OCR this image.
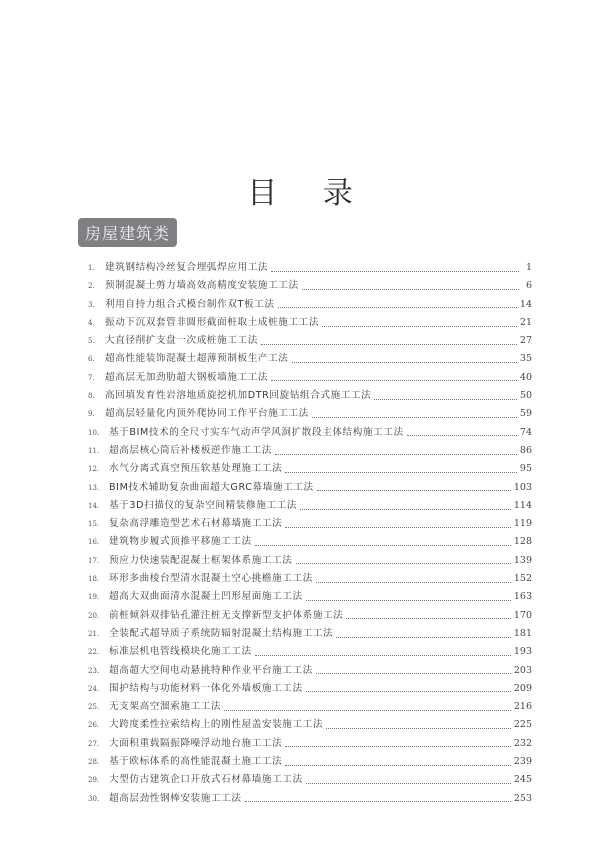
目 录
房屋建筑类
1.	建筑钢结构冷丝复合埋弧焊应用工法	1
2.	预制混凝土剪力墙高效高精度安装施工工法	6
3.	利用自持力组合式模台制作双T板工法	14
4.	振动下沉双套管非圆形截面桩取土成桩施工工法	21
5.	大直径削扩支盘一次成桩施工工法	27
6.	超高性能装饰混凝土超薄预制板生产工法	35
7.	超高层无加劲肋超大钢板墙施工工法	40
8.	高回填发育性岩溶地质旋挖机加DTR回旋钻组合式施工工法	50
9.	超高层轻量化内顶外爬协同工作平台施工工法	59
10.	基于BIM技术的全尺寸实车气动声学风洞扩散段主体结构施工工法	74
11.	超高层核心筒后补楼板逆作施工工法	86
12.	水气分离式真空预压软基处理施工工法	95
13.	BIM技术辅助复杂曲面超大GRC幕墙施工工法	103
14.	基于3D扫描仪的复杂空间精装修施工工法	114
15.	复杂高浮雕造型艺术石材幕墙施工工法	119
16.	建筑物步履式顶推平移施工工法	128
17.	预应力快速装配混凝土框架体系施工工法	139
18.	环形多曲棱台型清水混凝土空心挑檐施工工法	152
19.	超高大双曲面清水混凝土凹形屋面施工工法	163
20.	前桩倾斜双排钻孔灌注桩无支撑新型支护体系施工法	170
21.	全装配式超导质子系统防辐射混凝土结构施工工法	181
22.	标准层机电管线模块化施工工法	193
23.	超高超大空间电动悬挑特种作业平台施工工法	203
24.	围护结构与功能材料一体化外墙板施工工法	209
25.	无支架高空溜索施工工法	216
26.	大跨度柔性拉索结构上的刚性屋盖安装施工工法	225
27.	大面积重载隔振降噪浮动地台施工工法	232
28.	基于欧标体系的高性能混凝土施工工法	239
29.	大型仿古建筑企口开放式石材幕墙施工工法	245
30.	超高层劲性钢棒安装施工工法	253
